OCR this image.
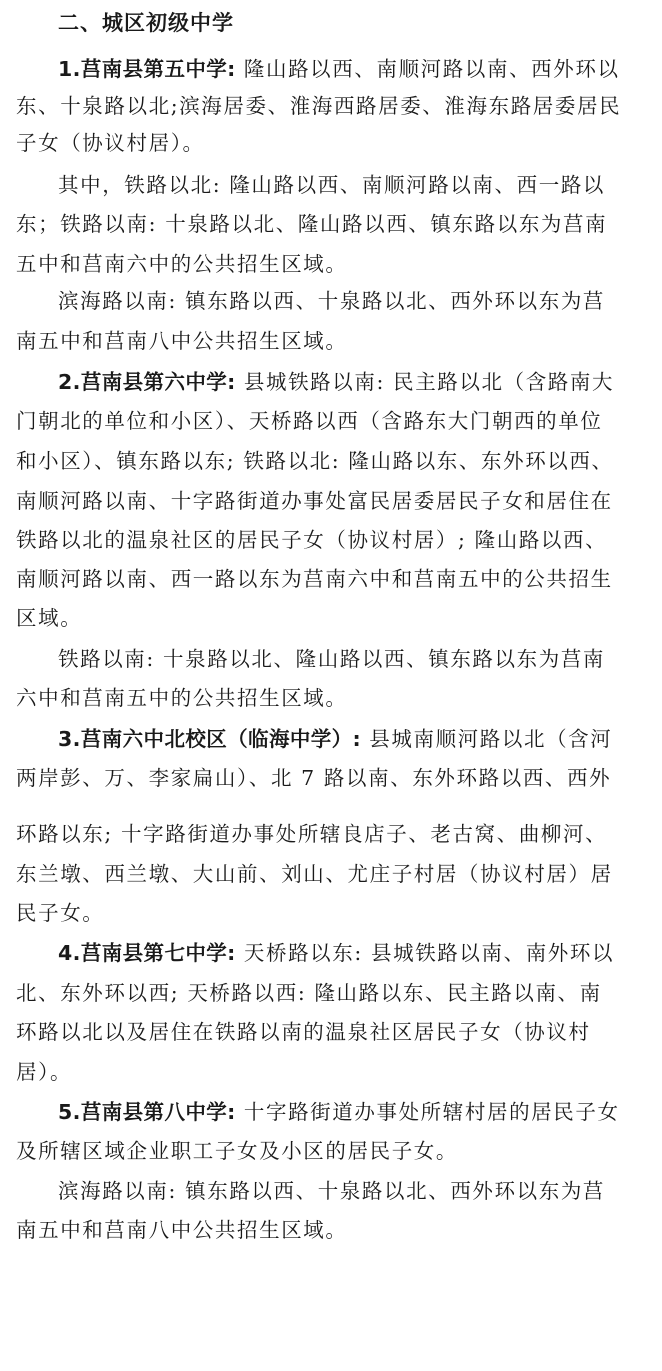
二、城区初级中学
1.莒南县第五中学: 隆山路以西、南顺河路以南、西外环以
东、十泉路以北;滨海居委、淮海西路居委、淮海东路居委居民
子女（协议村居）。
其中，铁路以北: 隆山路以西、南顺河路以南、西一路以
东；铁路以南: 十泉路以北、隆山路以西、镇东路以东为莒南
五中和莒南六中的公共招生区域。
滨海路以南: 镇东路以西、十泉路以北、西外环以东为莒
南五中和莒南八中公共招生区域。
2.莒南县第六中学: 县城铁路以南: 民主路以北（含路南大
门朝北的单位和小区）、天桥路以西（含路东大门朝西的单位
和小区）、镇东路以东; 铁路以北: 隆山路以东、东外环以西、
南顺河路以南、十字路街道办事处富民居委居民子女和居住在
铁路以北的温泉社区的居民子女（协议村居）; 隆山路以西、
南顺河路以南、西一路以东为莒南六中和莒南五中的公共招生
区域。
铁路以南: 十泉路以北、隆山路以西、镇东路以东为莒南
六中和莒南五中的公共招生区域。
3.莒南六中北校区（临海中学）: 县城南顺河路以北（含河
两岸彭、万、李家扁山）、北 7 路以南、东外环路以西、西外
环路以东; 十字路街道办事处所辖良店子、老古窝、曲柳河、
东兰墩、西兰墩、大山前、刘山、尤庄子村居（协议村居）居
民子女。
4.莒南县第七中学: 天桥路以东: 县城铁路以南、南外环以
北、东外环以西; 天桥路以西: 隆山路以东、民主路以南、南
环路以北以及居住在铁路以南的温泉社区居民子女（协议村
居）。
5.莒南县第八中学: 十字路街道办事处所辖村居的居民子女
及所辖区域企业职工子女及小区的居民子女。
滨海路以南: 镇东路以西、十泉路以北、西外环以东为莒
南五中和莒南八中公共招生区域。
